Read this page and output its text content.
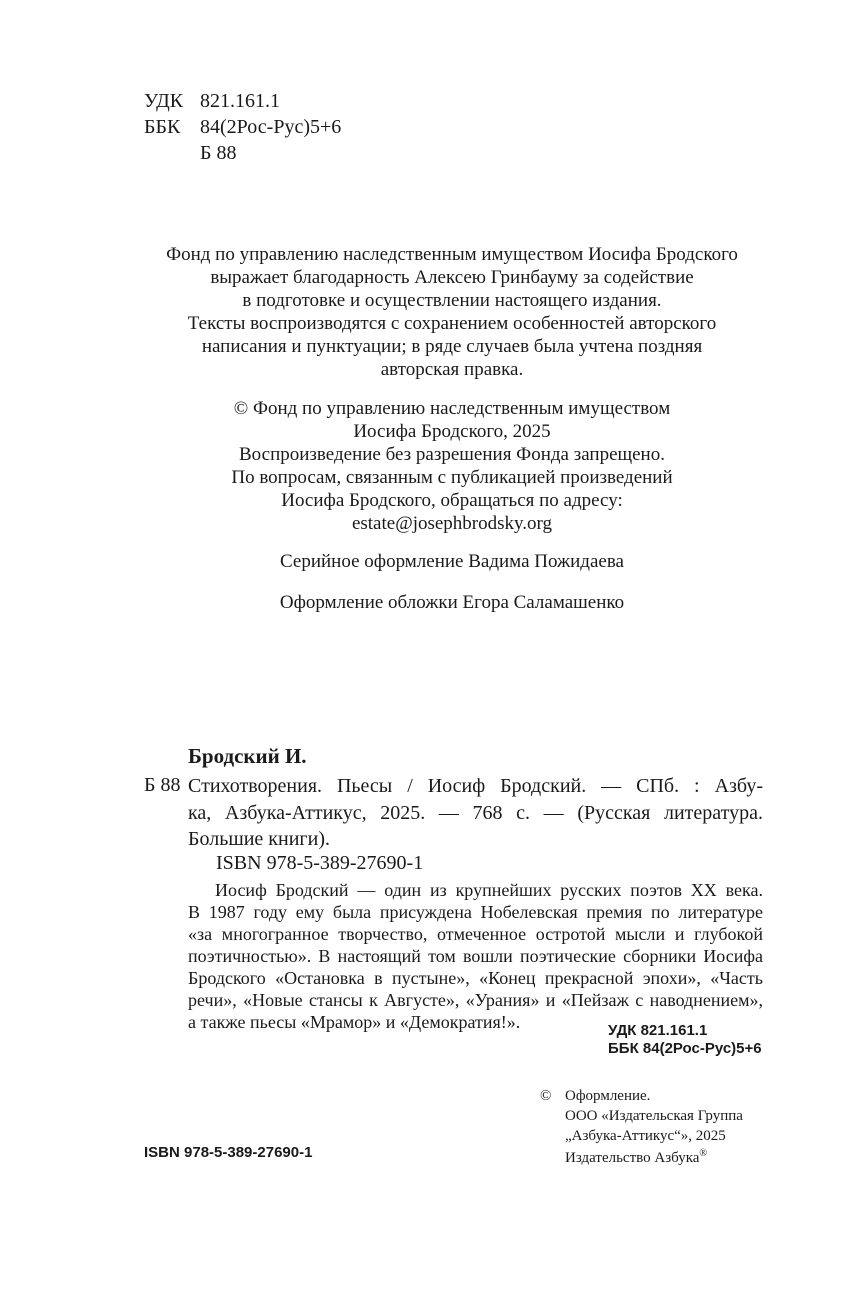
УДК 821.161.1
ББК 84(2Рос-Рус)5+6
Б 88
Фонд по управлению наследственным имуществом Иосифа Бродского
выражает благодарность Алексею Гринбауму за содействие
в подготовке и осуществлении настоящего издания.
Тексты воспроизводятся с сохранением особенностей авторского
написания и пунктуации; в ряде случаев была учтена поздняя
авторская правка.
© Фонд по управлению наследственным имуществом
Иосифа Бродского, 2025
Воспроизведение без разрешения Фонда запрещено.
По вопросам, связанным с публикацией произведений
Иосифа Бродского, обращаться по адресу:
estate@josephbrodsky.org
Серийное оформление Вадима Пожидаева
Оформление обложки Егора Саламашенко
Бродский И.
Б 88 Стихотворения. Пьесы / Иосиф Бродский. — СПб. : Азбу-
ка, Азбука-Аттикус, 2025. — 768 с. — (Русская литература.
Большие книги).
ISBN 978-5-389-27690-1
Иосиф Бродский — один из крупнейших русских поэтов XX века.
В 1987 году ему была присуждена Нобелевская премия по литературе
«за многогранное творчество, отмеченное остротой мысли и глубокой
поэтичностью». В настоящий том вошли поэтические сборники Иосифа
Бродского «Остановка в пустыне», «Конец прекрасной эпохи», «Часть
речи», «Новые стансы к Августе», «Урания» и «Пейзаж с наводнением»,
а также пьесы «Мрамор» и «Демократия!».	УДК 821.161.1
ББК 84(2Рос-Рус)5+6
ISBN 978-5-389-27690-1
© Оформление.
ООО «Издательская Группа
„Азбука-Аттикус“», 2025
Издательство Азбука®
